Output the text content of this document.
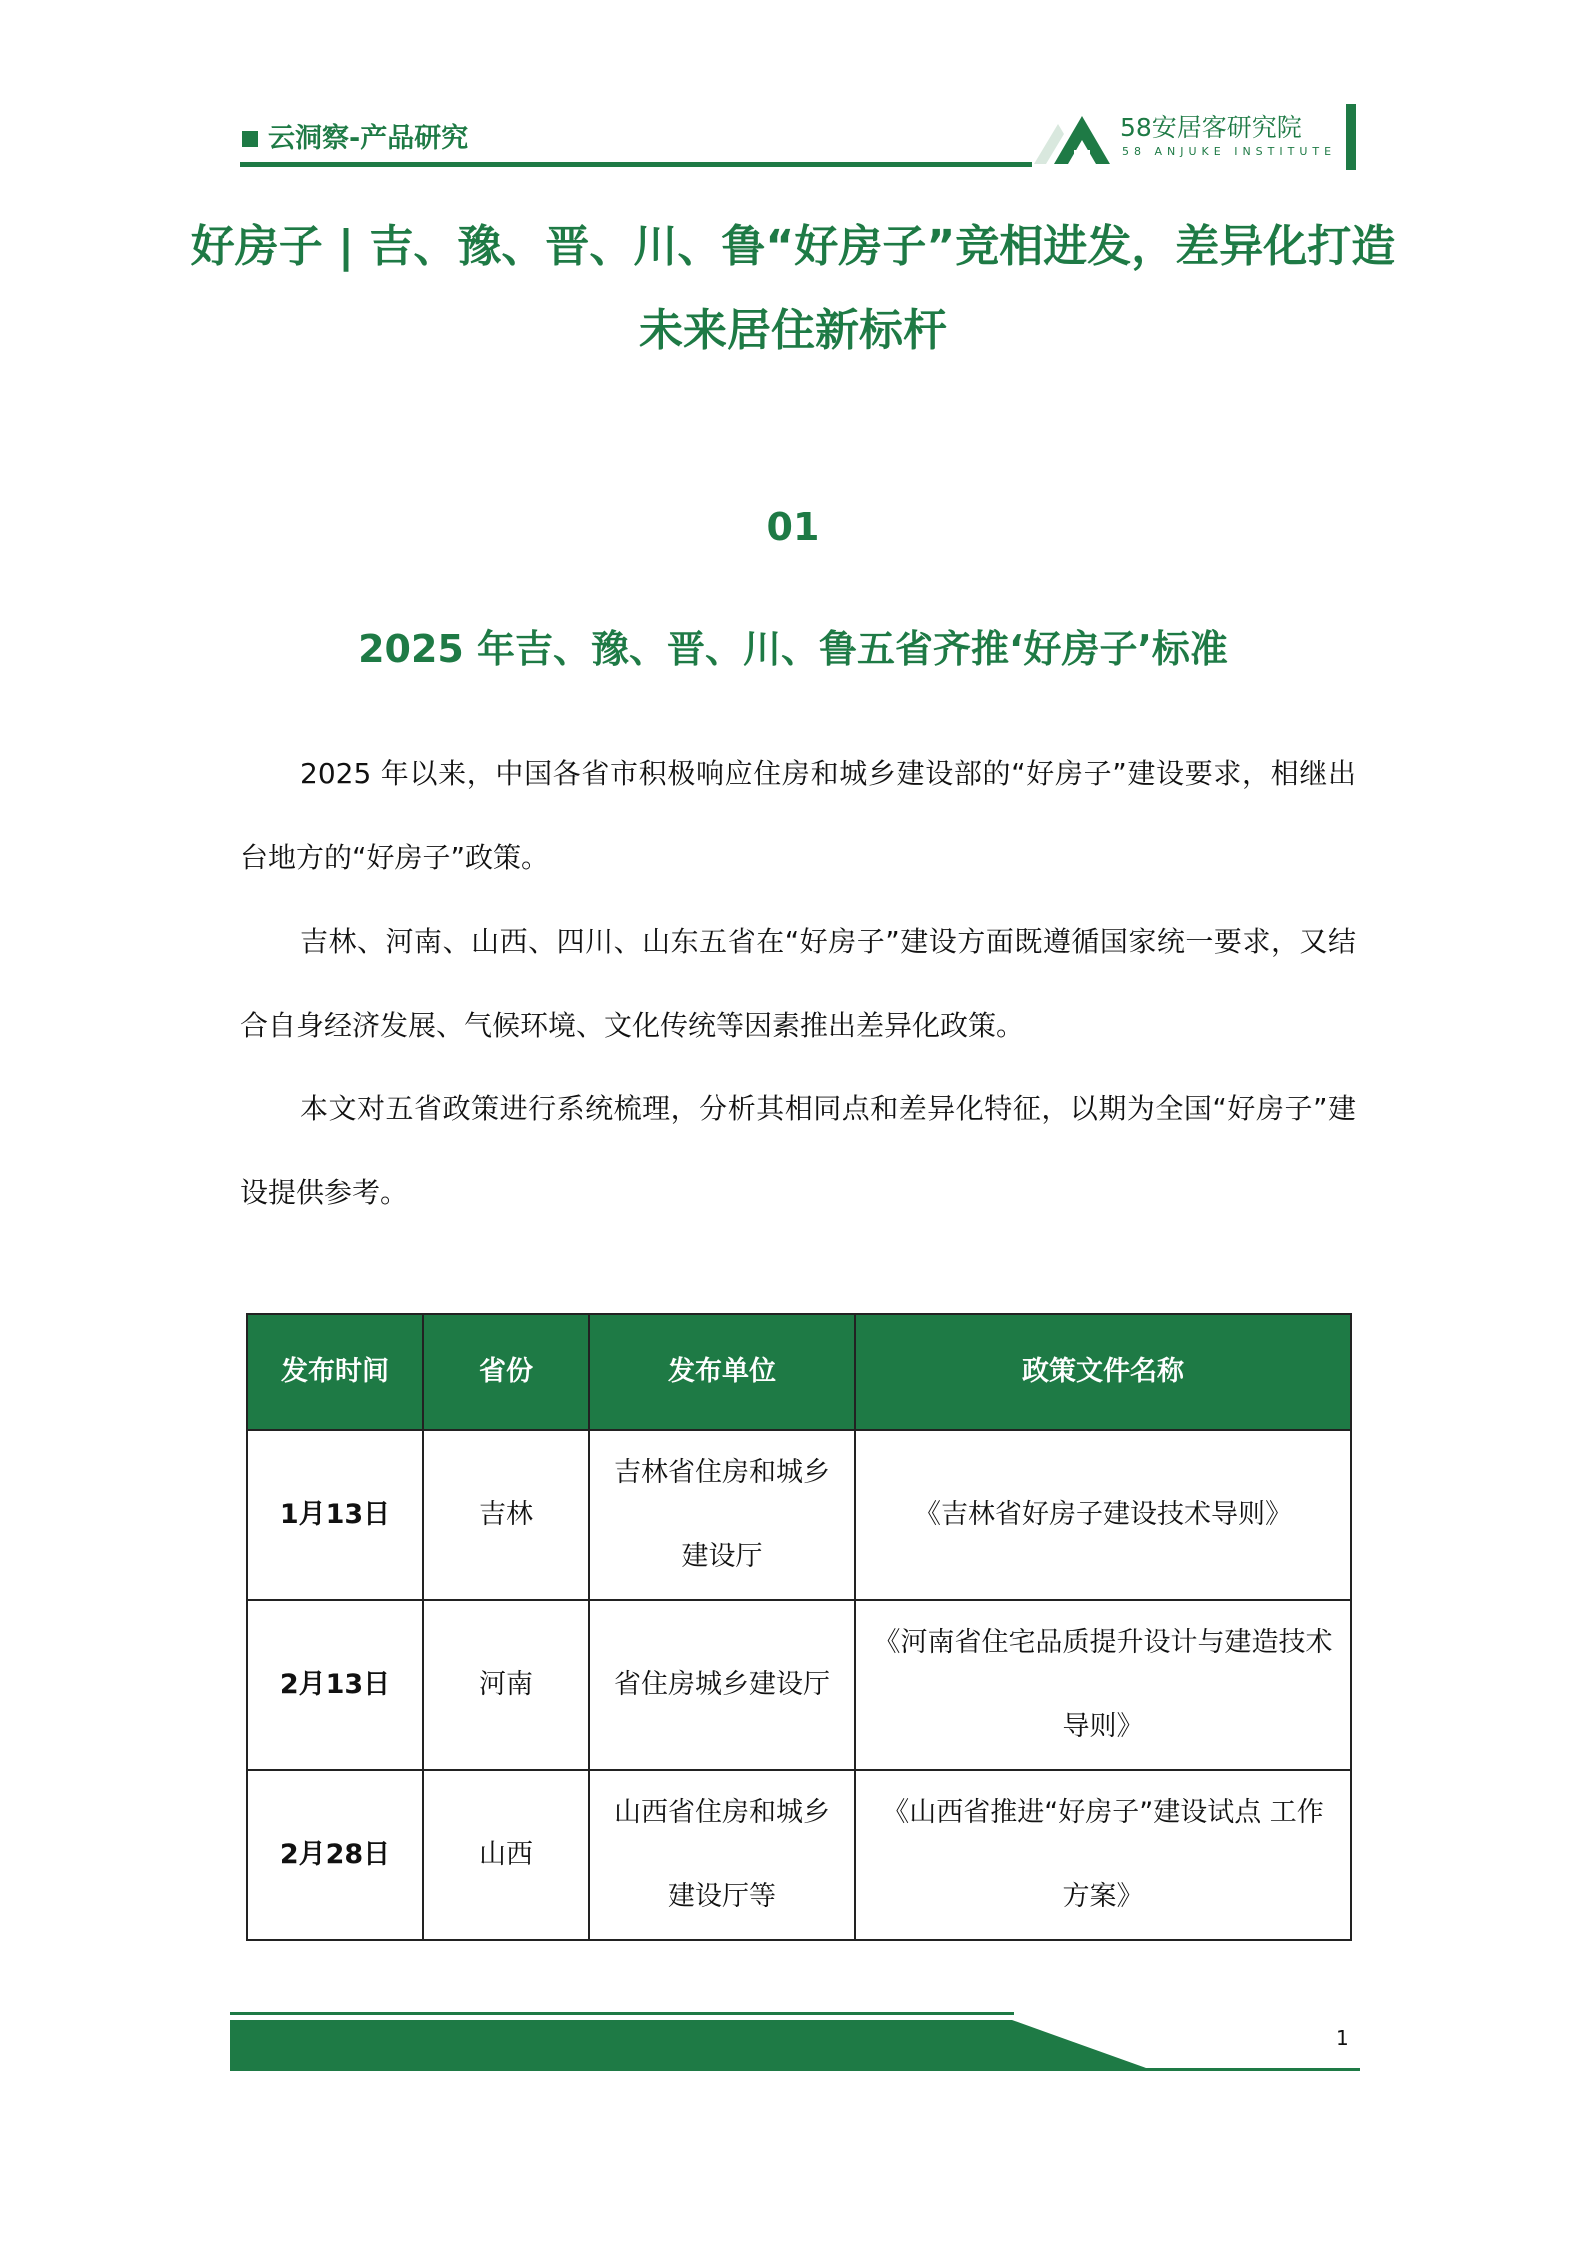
云洞察-产品研究	58安居客研究院
58 ANJUKE INSTITUTE
好房子 | 吉、豫、晋、川、鲁“好房子”竞相进发，差异化打造未来居住新标杆
01
2025 年吉、豫、晋、川、鲁五省齐推‘好房子’标准

2025 年以来，中国各省市积极响应住房和城乡建设部的“好房子”建设要求，相继出台地方的“好房子”政策。

吉林、河南、山西、四川、山东五省在“好房子”建设方面既遵循国家统一要求，又结合自身经济发展、气候环境、文化传统等因素推出差异化政策。

本文对五省政策进行系统梳理，分析其相同点和差异化特征，以期为全国“好房子”建设提供参考。

发布时间	省份	发布单位	政策文件名称
1月13日	吉林	吉林省住房和城乡建设厅	《吉林省好房子建设技术导则》
2月13日	河南	省住房城乡建设厅	《河南省住宅品质提升设计与建造技术导则》
2月28日	山西	山西省住房和城乡建设厅等	《山西省推进“好房子”建设试点 工作方案》
1
